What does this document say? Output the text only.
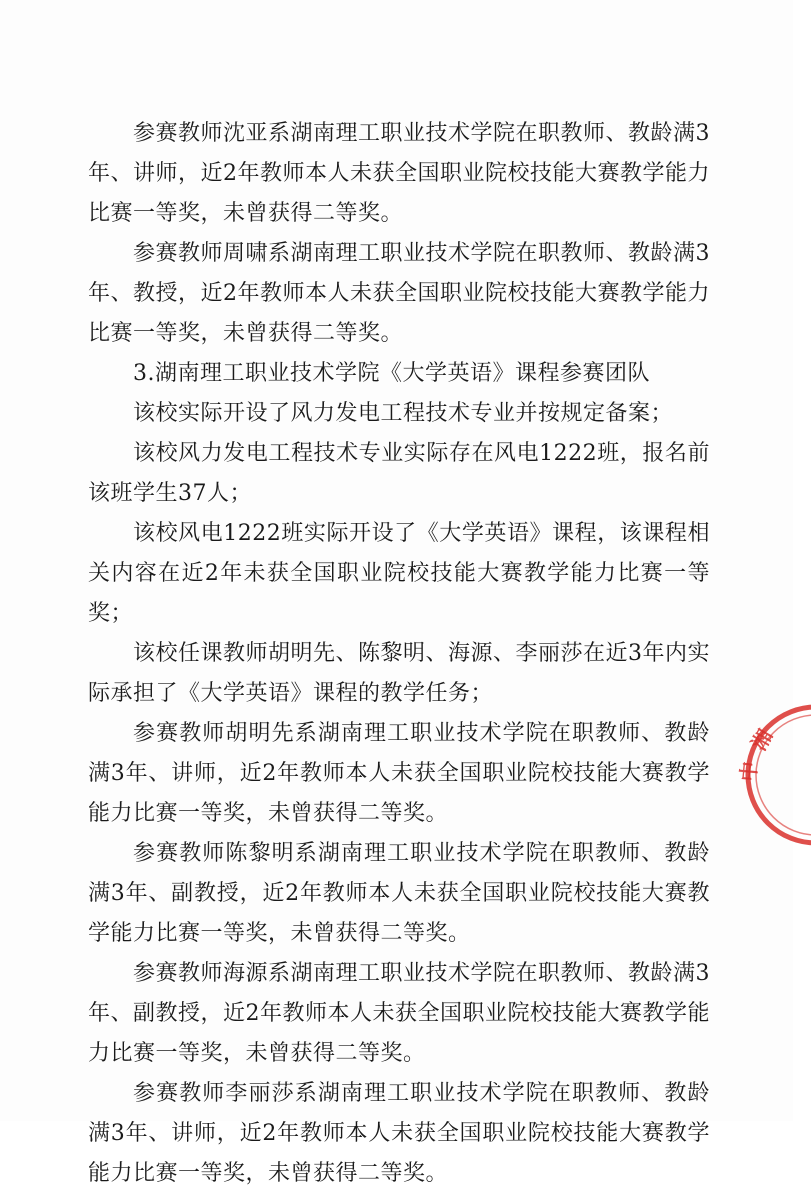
参赛教师沈亚系湖南理工职业技术学院在职教师、教龄满3年、讲师，近2年教师本人未获全国职业院校技能大赛教学能力比赛一等奖，未曾获得二等奖。

参赛教师周啸系湖南理工职业技术学院在职教师、教龄满3年、教授，近2年教师本人未获全国职业院校技能大赛教学能力比赛一等奖，未曾获得二等奖。

3.湖南理工职业技术学院《大学英语》课程参赛团队

该校实际开设了风力发电工程技术专业并按规定备案；

该校风力发电工程技术专业实际存在风电1222班，报名前该班学生37人；

该校风电1222班实际开设了《大学英语》课程，该课程相关内容在近2年未获全国职业院校技能大赛教学能力比赛一等奖；

该校任课教师胡明先、陈黎明、海源、李丽莎在近3年内实际承担了《大学英语》课程的教学任务；

参赛教师胡明先系湖南理工职业技术学院在职教师、教龄满3年、讲师，近2年教师本人未获全国职业院校技能大赛教学能力比赛一等奖，未曾获得二等奖。

参赛教师陈黎明系湖南理工职业技术学院在职教师、教龄满3年、副教授，近2年教师本人未获全国职业院校技能大赛教学能力比赛一等奖，未曾获得二等奖。

参赛教师海源系湖南理工职业技术学院在职教师、教龄满3年、副教授，近2年教师本人未获全国职业院校技能大赛教学能力比赛一等奖，未曾获得二等奖。

参赛教师李丽莎系湖南理工职业技术学院在职教师、教龄满3年、讲师，近2年教师本人未获全国职业院校技能大赛教学能力比赛一等奖，未曾获得二等奖。

湘
中
